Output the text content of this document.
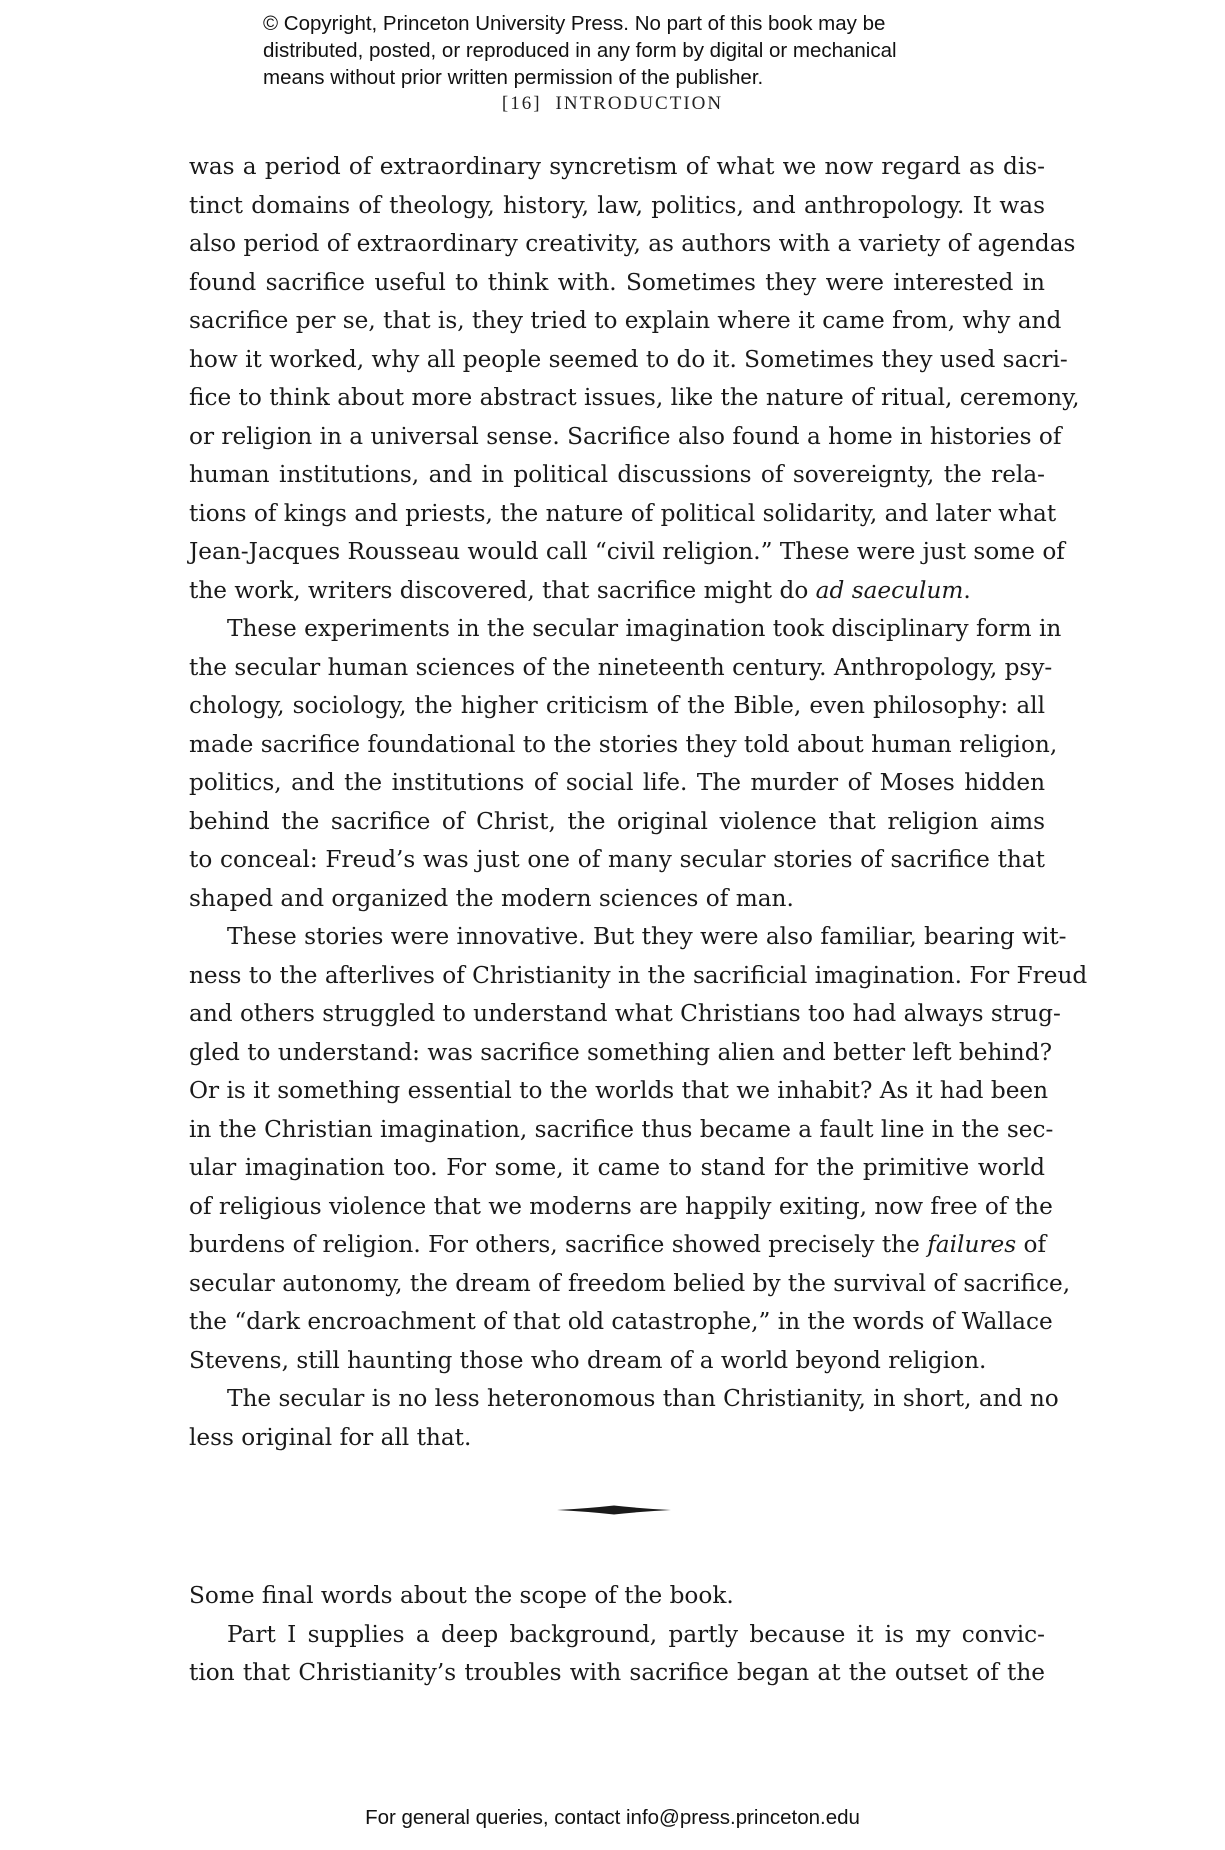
© Copyright, Princeton University Press. No part of this book may be
distributed, posted, or reproduced in any form by digital or mechanical
means without prior written permission of the publisher.
[16] INTRODUCTION
was a period of extraordinary syncretism of what we now regard as dis-
tinct domains of theology, history, law, politics, and anthropology. It was
also period of extraordinary creativity, as authors with a variety of agendas
found sacrifice useful to think with. Sometimes they were interested in
sacrifice per se, that is, they tried to explain where it came from, why and
how it worked, why all people seemed to do it. Sometimes they used sacri-
fice to think about more abstract issues, like the nature of ritual, ceremony,
or religion in a universal sense. Sacrifice also found a home in histories of
human institutions, and in political discussions of sovereignty, the rela-
tions of kings and priests, the nature of political solidarity, and later what
Jean-Jacques Rousseau would call “civil religion.” These were just some of
the work, writers discovered, that sacrifice might do ad saeculum.
These experiments in the secular imagination took disciplinary form in
the secular human sciences of the nineteenth century. Anthropology, psy-
chology, sociology, the higher criticism of the Bible, even philosophy: all
made sacrifice foundational to the stories they told about human religion,
politics, and the institutions of social life. The murder of Moses hidden
behind the sacrifice of Christ, the original violence that religion aims
to conceal: Freud’s was just one of many secular stories of sacrifice that
shaped and organized the modern sciences of man.
These stories were innovative. But they were also familiar, bearing wit-
ness to the afterlives of Christianity in the sacrificial imagination. For Freud
and others struggled to understand what Christians too had always strug-
gled to understand: was sacrifice something alien and better left behind?
Or is it something essential to the worlds that we inhabit? As it had been
in the Christian imagination, sacrifice thus became a fault line in the sec-
ular imagination too. For some, it came to stand for the primitive world
of religious violence that we moderns are happily exiting, now free of the
burdens of religion. For others, sacrifice showed precisely the failures of
secular autonomy, the dream of freedom belied by the survival of sacrifice,
the “dark encroachment of that old catastrophe,” in the words of Wallace
Stevens, still haunting those who dream of a world beyond religion.
The secular is no less heteronomous than Christianity, in short, and no
less original for all that.
Some final words about the scope of the book.
Part I supplies a deep background, partly because it is my convic-
tion that Christianity’s troubles with sacrifice began at the outset of the
For general queries, contact info@press.princeton.edu
